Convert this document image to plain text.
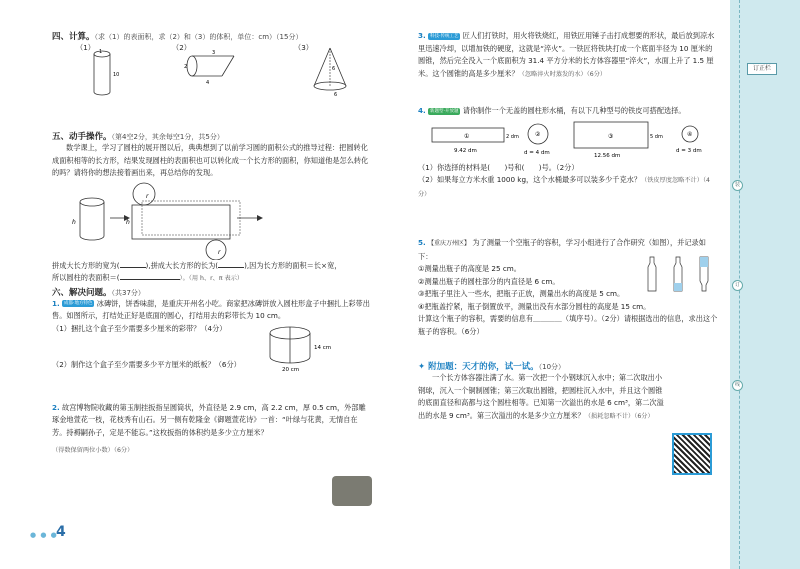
四、计算。（求（1）的表面积，求（2）和（3）的体积，单位：cm）（15分）

（1）	（2）	（3）
1
10
3
4
2	6
6

五、动手操作。（第4空2分，其余每空1分，共5分）

数学课上，学习了圆柱的展开图以后，典典想到了以前学习圆的面积公式的推导过程：把圆转化成面积相等的长方形，结果发现圆柱的表面积也可以转化成一个长方形的面积，你知道他是怎么转化的吗？请将你的想法接着画出来，再总结你的发现。

h	h
r
r

拼成大长方形的宽为(	),拼成大长方形的长为(	),因为长方形的面积＝长×宽，

所以圆柱的表面积＝(	）。（用 h、r、π 表示）

六、解决问题。（共37分）

1. 成都·地方特色 冰磚饼，饼香味甜，是重庆开州名小吃。商家把冰磚饼放入圆柱形盒子中捆扎上彩带出售。如图所示，打结处正好是底面的圆心，打结用去的彩带长为 10 cm。

（1）捆扎这个盒子至少需要多少厘米的彩带？（4分）

14 cm
20 cm

（2）制作这个盒子至少需要多少平方厘米的纸板？（6分）

2. 故宫博物院收藏的第玉制挂扳指呈圆筒状，外直径是 2.9 cm，高 2.2 cm，厚 0.5 cm，外部雕琢金地萱花一枝，花枝秀有山石。另一侧有乾隆金《御题萱花诗》一首：“叶绿与花黄，无情自在芳。持褥嗣孙子，定是不能忘。”这枚扳指的体积约是多少立方厘米？

（得数保留两位小数）（6分）

3. 科技·传统工艺 匠人们打铁时，用火将铁烧红，用铁匠用锤子击打成想要的形状，最后放到凉水里迅速冷却，以增加铁的硬度，这就是“淬火”。一铁匠将铁块打成一个底面半径为 10 厘米的圆锥，然后完全没入一个底面积为 31.4 平方分米的长方体容器里“淬火”，水面上升了 1.5 厘米。这个圆锥的高是多少厘米？（忽略淬火时蒸发的水）（6分）

4. 新题型·开放题 请你制作一个无盖的圆柱形水桶，有以下几种型号的铁皮可搭配选择。

①
9.42 dm
2 dm	②
d = 4 dm
③
12.56 dm
5 dm	④
d = 3 dm

（1）你选择的材料是(　　)号和(　　)号。（2分）

（2）如果每立方米水重 1000 kg，这个水桶最多可以装多少千克水？（铁皮厚度忽略不计）（4分）

5. 【重庆万州区】 为了测量一个空瓶子的容积，学习小组进行了合作研究（如图），并记录如下：

①测量出瓶子的高度是 25 cm。

②测量出瓶子的圆柱部分的内直径是 6 cm。

③把瓶子里注入一些水，把瓶子正放，测量出水的高度是 5 cm。

④把瓶盖拧紧，瓶子倒置放平，测量出没有水部分圆柱的高度是 15 cm。

计算这个瓶子的容积，需要的信息有＿＿＿＿（填序号）。（2分）请根据选出的信息，求出这个瓶子的容积。（6分）

✦ 附加题：天才的你，试一试。（10分）

一个长方体容器注满了水。第一次把一个小钢球沉入水中；第二次取出小钢球，沉入一个铜制圆锥；第三次取出圆锥，把圆柱沉入水中，并且这个圆锥的底面直径和高都与这个圆柱相等。已知第一次溢出的水是 6 cm³，第二次溢出的水是 9 cm³。第三次溢出的水是多少立方厘米？（损耗忽略不计）（6分）

● ● ●
4
订正栏
装
订
线
